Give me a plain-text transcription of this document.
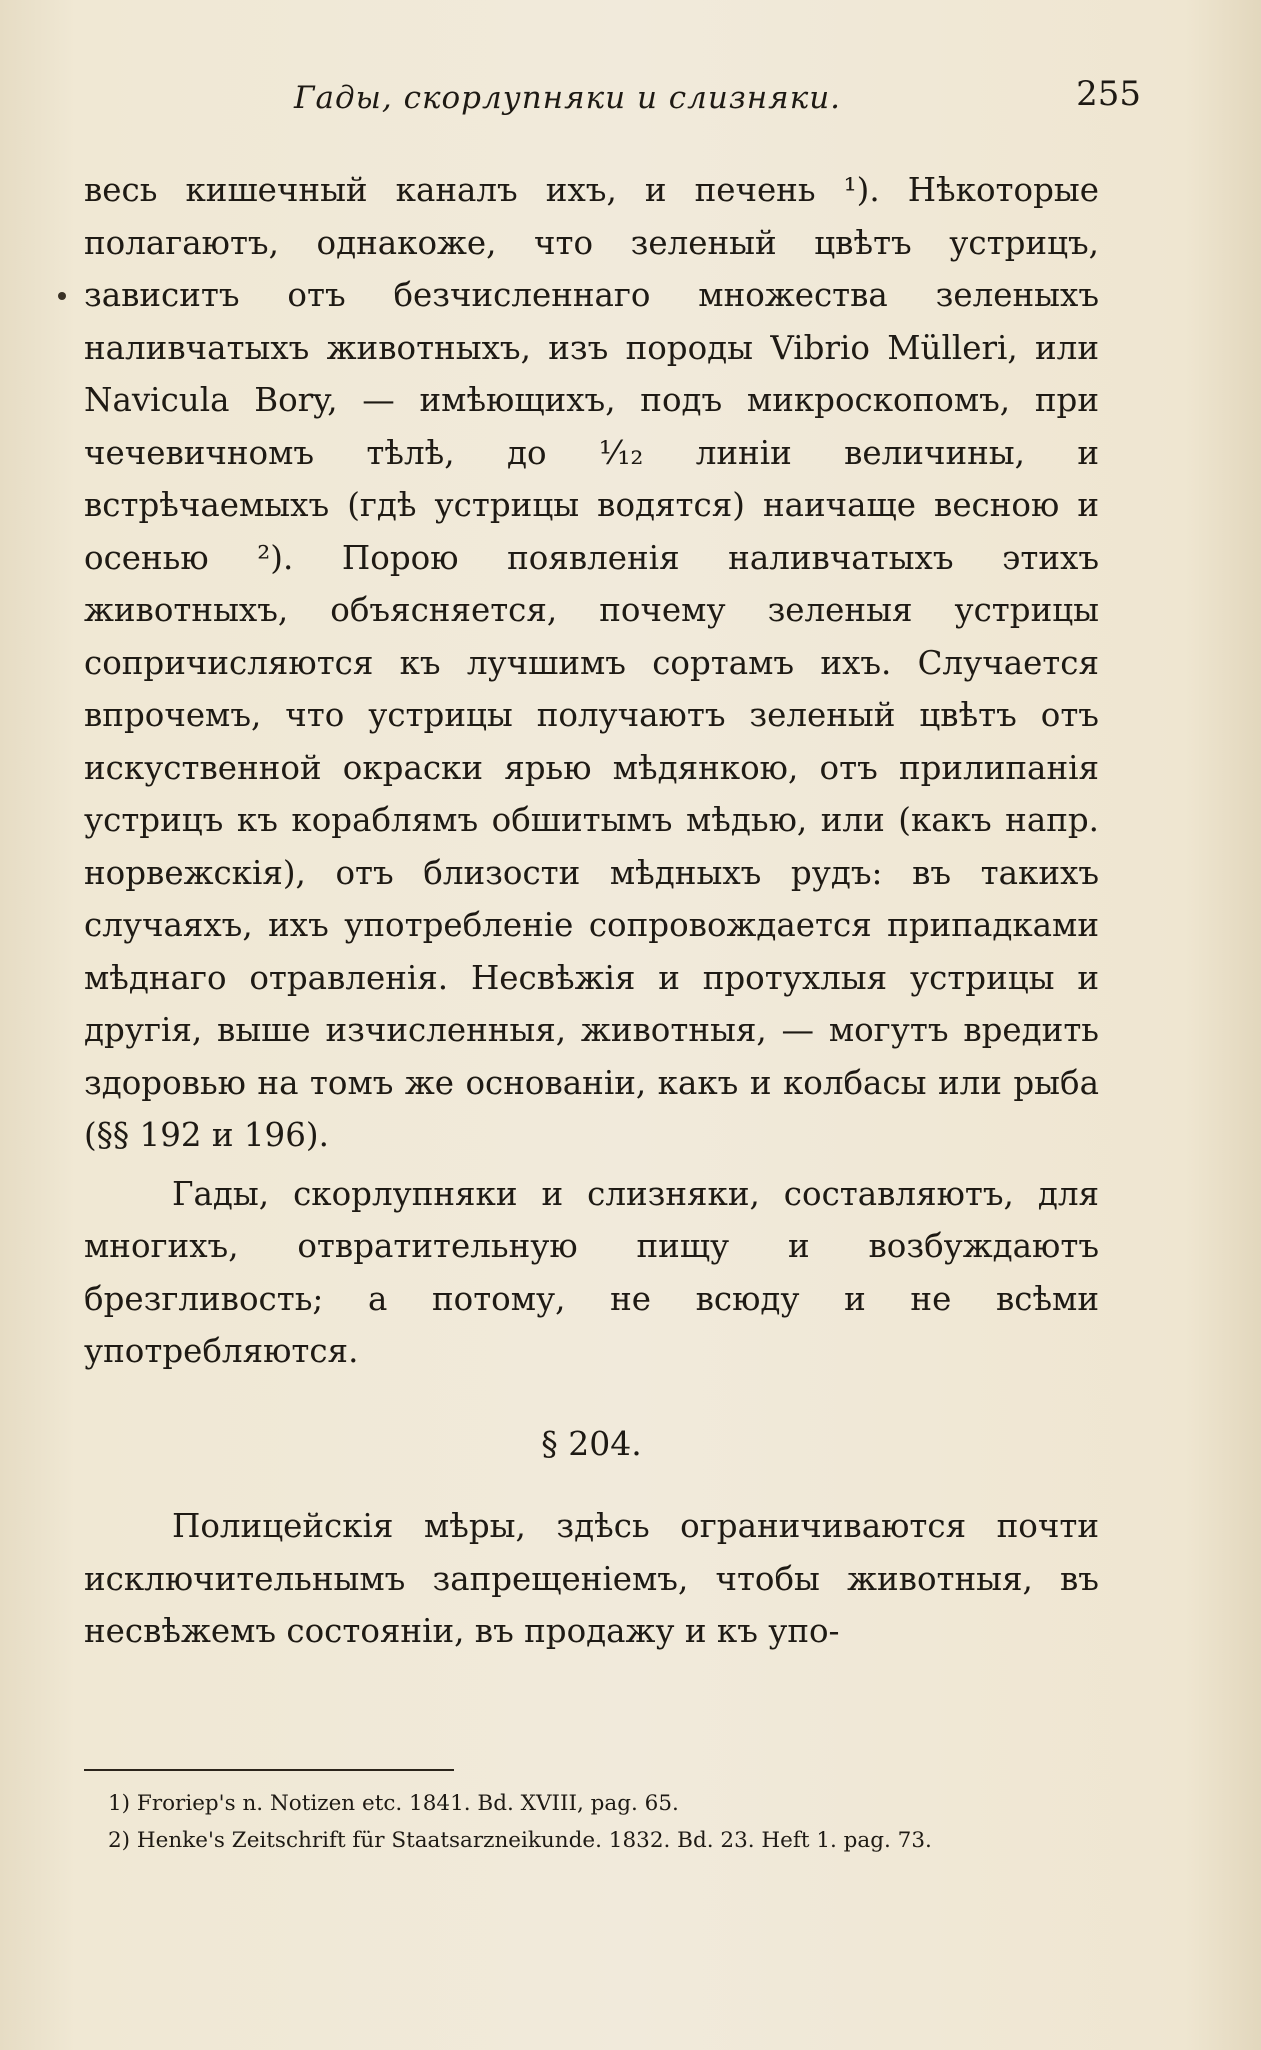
Гады, скорлупняки и слизняки.	255

весь кишечный каналъ ихъ, и печень ¹). Нѣкоторые полагаютъ, однакоже, что зеленый цвѣтъ устрицъ, зависитъ отъ безчисленнаго множества зеленыхъ наливчатыхъ животныхъ, изъ породы Vibrio Mülleri, или Navicula Bory, — имѣющихъ, подъ микроскопомъ, при чечевичномъ тѣлѣ, до ¹⁄₁₂ линіи величины, и встрѣчаемыхъ (гдѣ устрицы водятся) наичаще весною и осенью ²). Порою появленія наливчатыхъ этихъ животныхъ, объясняется, почему зеленыя устрицы сопричисляются къ лучшимъ сортамъ ихъ. Случается впрочемъ, что устрицы получаютъ зеленый цвѣтъ отъ искуственной окраски ярью мѣдянкою, отъ прилипанія устрицъ къ кораблямъ обшитымъ мѣдью, или (какъ напр. норвежскія), отъ близости мѣдныхъ рудъ: въ такихъ случаяхъ, ихъ употребленіе сопровождается припадками мѣднаго отравленія. Несвѣжія и протухлыя устрицы и другія, выше изчисленныя, животныя, — могутъ вредить здоровью на томъ же основаніи, какъ и колбасы или рыба (§§ 192 и 196).

Гады, скорлупняки и слизняки, составляютъ, для многихъ, отвратительную пищу и возбуждаютъ брезгливость; а потому, не всюду и не всѣми употребляются.

§ 204.

Полицейскія мѣры, здѣсь ограничиваются почти исключительнымъ запрещеніемъ, чтобы животныя, въ несвѣжемъ состояніи, въ продажу и къ упо-

1) Froriep's n. Notizen etc. 1841. Bd. XVIII, pag. 65.

2) Henke's Zeitschrift für Staatsarzneikunde. 1832. Bd. 23. Heft 1. pag. 73.
